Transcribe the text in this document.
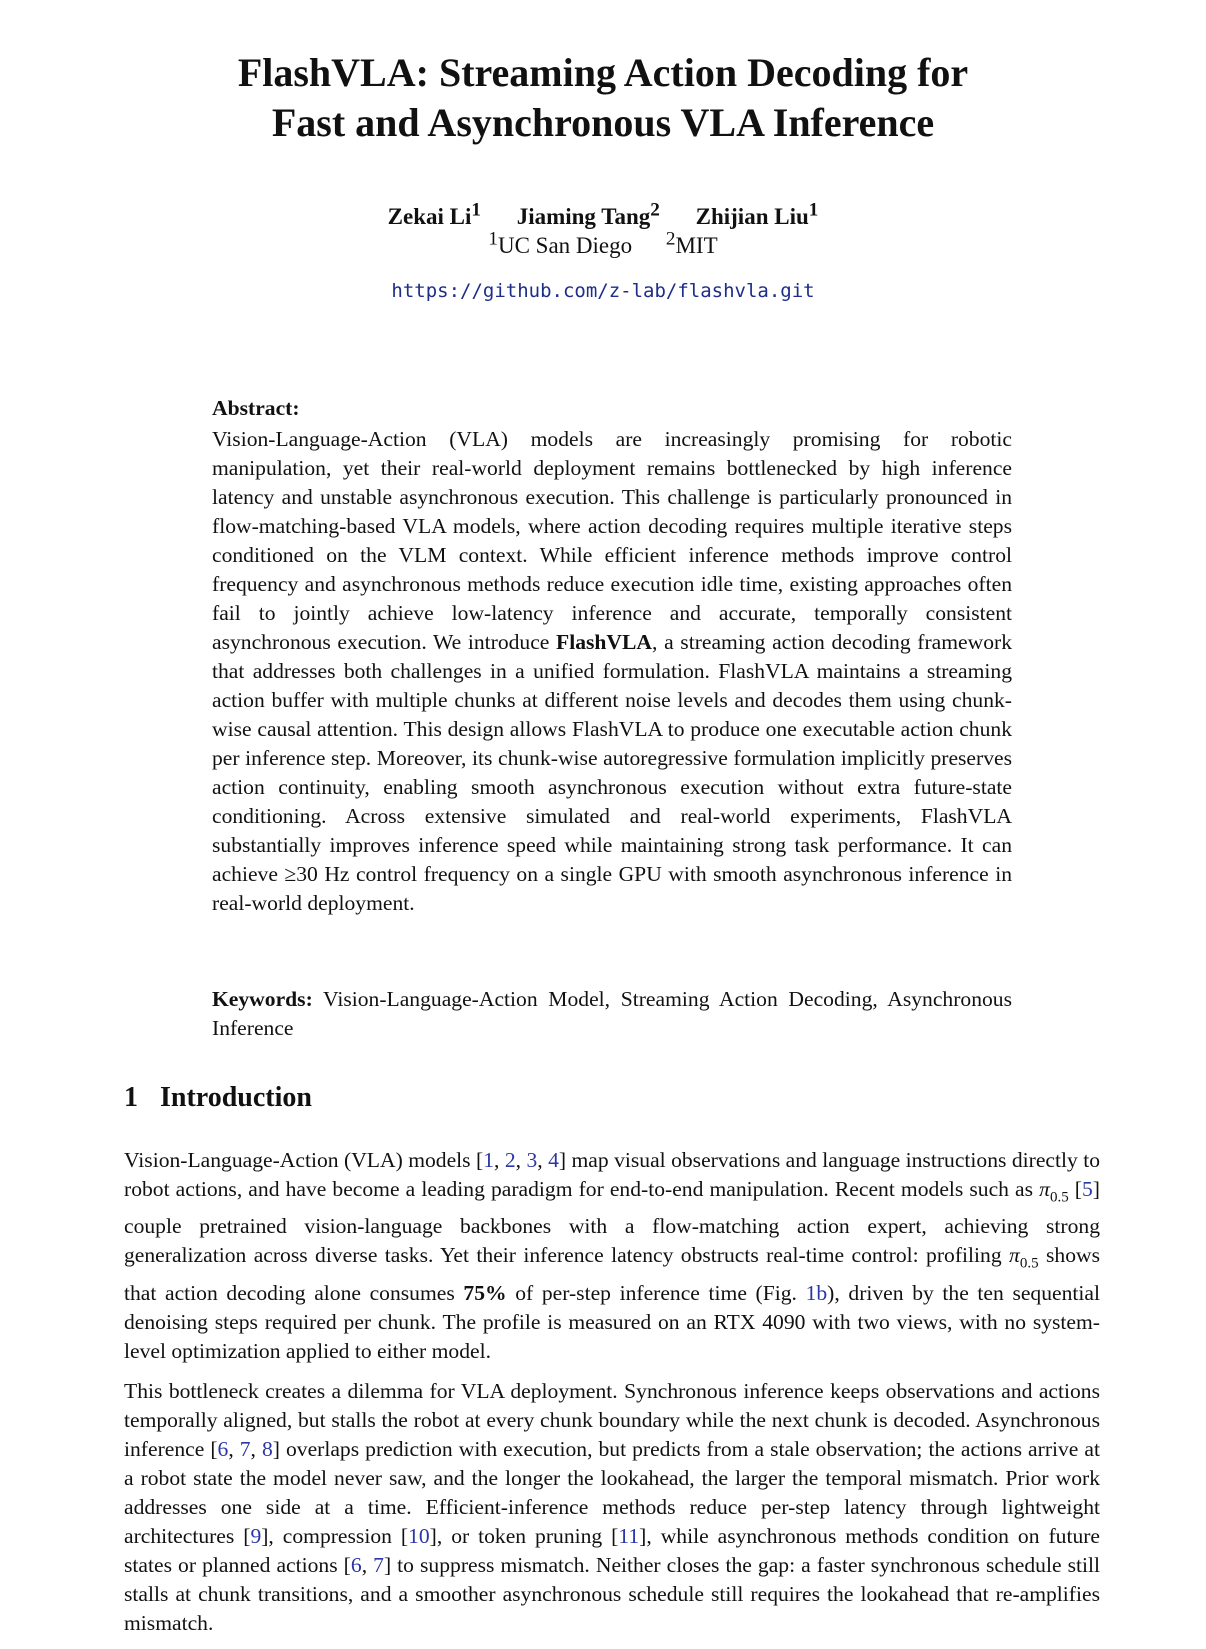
FlashVLA: Streaming Action Decoding for
Fast and Asynchronous VLA Inference
Zekai Li$^1$ Jiaming Tang$^2$ Zhijian Liu$^1$
$^1$UC San Diego $^2$MIT
https://github.com/z-lab/flashvla.git
Abstract:

Vision-Language-Action (VLA) models are increasingly promising for robotic manipulation, yet their real-world deployment remains bottlenecked by high inference latency and unstable asynchronous execution. This challenge is particularly pronounced in flow-matching-based VLA models, where action decoding requires multiple iterative steps conditioned on the VLM context. While efficient inference methods improve control frequency and asynchronous methods reduce execution idle time, existing approaches often fail to jointly achieve low-latency inference and accurate, temporally consistent asynchronous execution. We introduce FlashVLA, a streaming action decoding framework that addresses both challenges in a unified formulation. FlashVLA maintains a streaming action buffer with multiple chunks at different noise levels and decodes them using chunk-wise causal attention. This design allows FlashVLA to produce one executable action chunk per inference step. Moreover, its chunk-wise autoregressive formulation implicitly preserves action continuity, enabling smooth asynchronous execution without extra future-state conditioning. Across extensive simulated and real-world experiments, FlashVLA substantially improves inference speed while maintaining strong task performance. It can achieve ≥30 Hz control frequency on a single GPU with smooth asynchronous inference in real-world deployment.

Keywords: Vision-Language-Action Model, Streaming Action Decoding, Asynchronous Inference
1 Introduction

Vision-Language-Action (VLA) models [1, 2, 3, 4] map visual observations and language instructions directly to robot actions, and have become a leading paradigm for end-to-end manipulation. Recent models such as $\pi_{0.5}$ [5] couple pretrained vision-language backbones with a flow-matching action expert, achieving strong generalization across diverse tasks. Yet their inference latency obstructs real-time control: profiling $\pi_{0.5}$ shows that action decoding alone consumes 75% of per-step inference time (Fig. 1b), driven by the ten sequential denoising steps required per chunk. The profile is measured on an RTX 4090 with two views, with no system-level optimization applied to either model.

This bottleneck creates a dilemma for VLA deployment. Synchronous inference keeps observations and actions temporally aligned, but stalls the robot at every chunk boundary while the next chunk is decoded. Asynchronous inference [6, 7, 8] overlaps prediction with execution, but predicts from a stale observation; the actions arrive at a robot state the model never saw, and the longer the lookahead, the larger the temporal mismatch. Prior work addresses one side at a time. Efficient-inference methods reduce per-step latency through lightweight architectures [9], compression [10], or token pruning [11], while asynchronous methods condition on future states or planned actions [6, 7] to suppress mismatch. Neither closes the gap: a faster synchronous schedule still stalls at chunk transitions, and a smoother asynchronous schedule still requires the lookahead that re-amplifies mismatch.
